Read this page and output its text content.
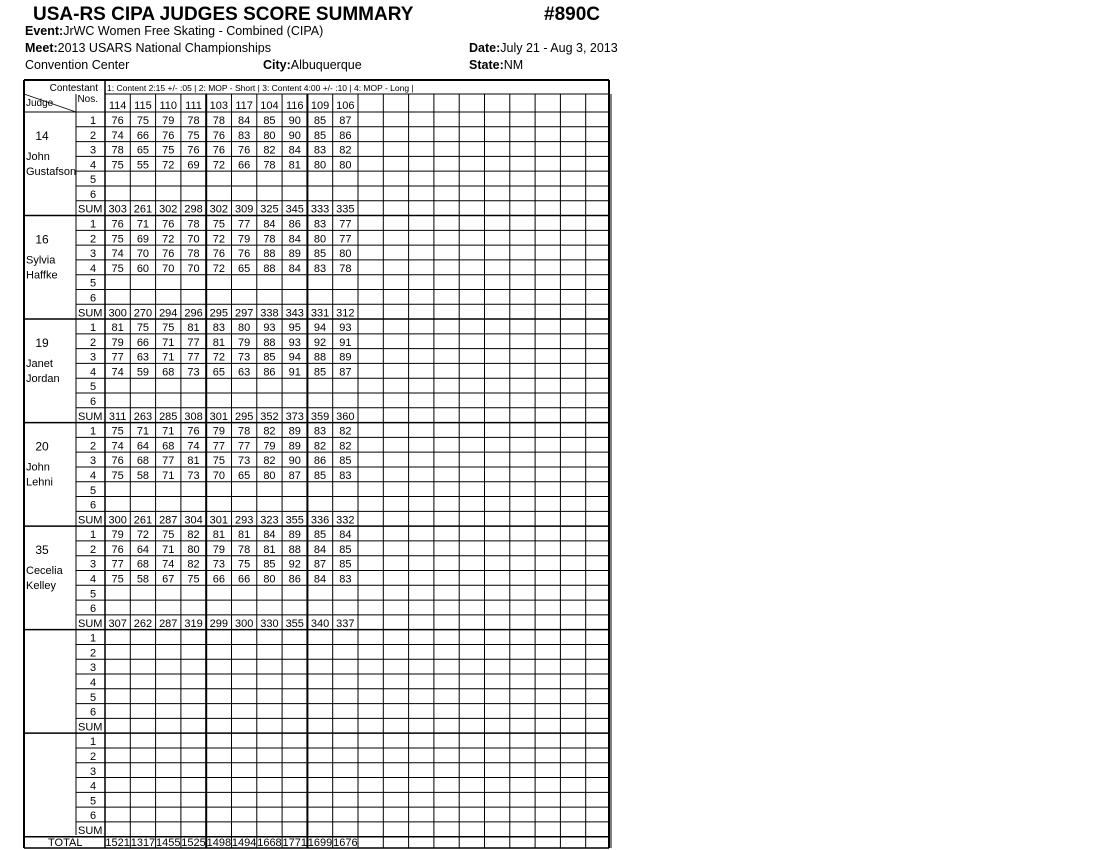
USA-RS CIPA JUDGES SCORE SUMMARY	#890C
Event:JrWC Women Free Skating - Combined (CIPA)
Meet:2013 USARS National Championships	Date:July 21 - Aug 3, 2013
Convention Center	City:Albuquerque	State:NM
Contestant
Nos.
Judge
1: Content 2:15 +/- :05 | 2: MOP - Short | 3: Content 4:00 +/- :10 | 4: MOP - Long |
114 115 110 111 103 117 104 116 109 106
14
John
Gustafson
1 76 75 79 78 78 84 85 90 85 87
2 74 66 76 75 76 83 80 90 85 86
3 78 65 75 76 76 76 82 84 83 82
4 75 55 72 69 72 66 78 81 80 80
5
6
SUM 303 261 302 298 302 309 325 345 333 335
16
Sylvia
Haffke
1 76 71 76 78 75 77 84 86 83 77
2 75 69 72 70 72 79 78 84 80 77
3 74 70 76 78 76 76 88 89 85 80
4 75 60 70 70 72 65 88 84 83 78
5
6
SUM 300 270 294 296 295 297 338 343 331 312
19
Janet
Jordan
1 81 75 75 81 83 80 93 95 94 93
2 79 66 71 77 81 79 88 93 92 91
3 77 63 71 77 72 73 85 94 88 89
4 74 59 68 73 65 63 86 91 85 87
5
6
SUM 311 263 285 308 301 295 352 373 359 360
20
John
Lehni
1 75 71 71 76 79 78 82 89 83 82
2 74 64 68 74 77 77 79 89 82 82
3 76 68 77 81 75 73 82 90 86 85
4 75 58 71 73 70 65 80 87 85 83
5
6
SUM 300 261 287 304 301 293 323 355 336 332
35
Cecelia
Kelley
1 79 72 75 82 81 81 84 89 85 84
2 76 64 71 80 79 78 81 88 84 85
3 77 68 74 82 73 75 85 92 87 85
4 75 58 67 75 66 66 80 86 84 83
5
6
SUM 307 262 287 319 299 300 330 355 340 337
1
2
3
4
5
6
SUM
1
2
3
4
5
6
SUM
TOTAL 1521 1317 1455 1525 1498 1494 1668 1771 1699 1676
